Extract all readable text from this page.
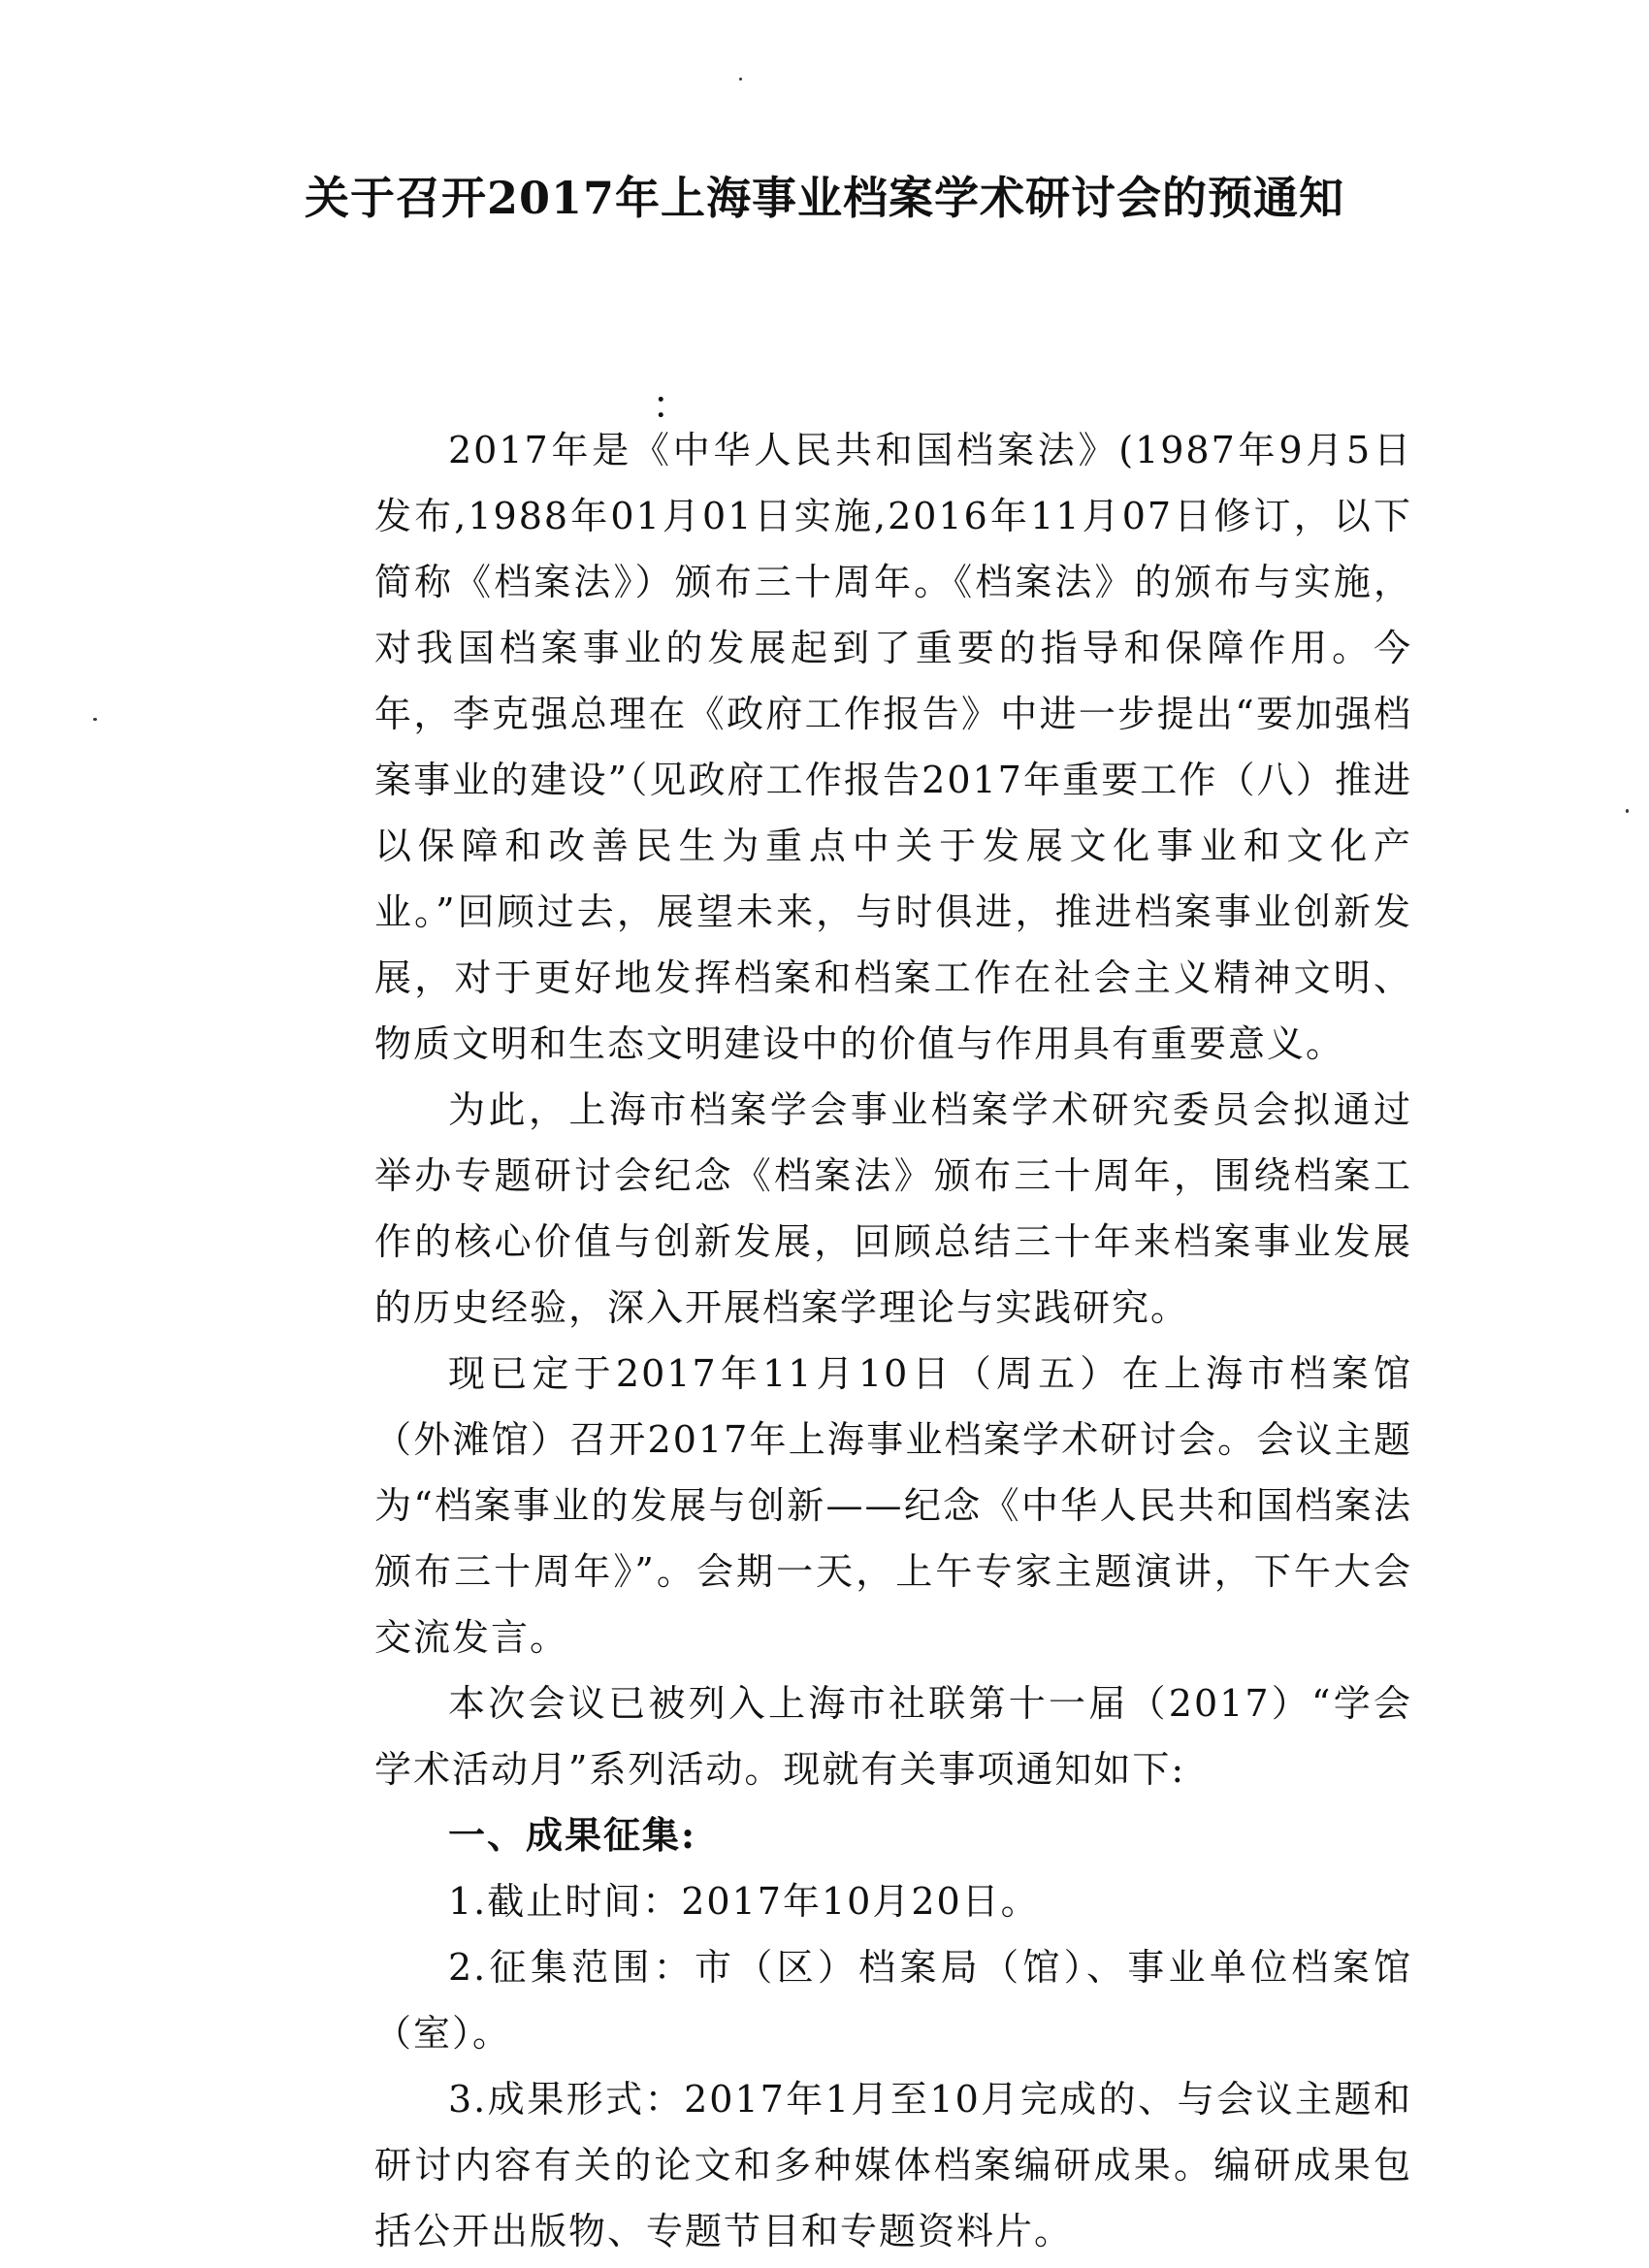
关于召开2017年上海事业档案学术研讨会的预通知
：

2017年是《中华人民共和国档案法》(1987年9月5日发布,1988年01月01日实施,2016年11月07日修订，以下简称《档案法》）颁布三十周年。《档案法》的颁布与实施，对我国档案事业的发展起到了重要的指导和保障作用。今年，李克强总理在《政府工作报告》中进一步提出“要加强档案事业的建设”（见政府工作报告2017年重要工作（八）推进以保障和改善民生为重点中关于发展文化事业和文化产业。”回顾过去，展望未来，与时俱进，推进档案事业创新发展，对于更好地发挥档案和档案工作在社会主义精神文明、物质文明和生态文明建设中的价值与作用具有重要意义。

为此，上海市档案学会事业档案学术研究委员会拟通过举办专题研讨会纪念《档案法》颁布三十周年，围绕档案工作的核心价值与创新发展，回顾总结三十年来档案事业发展的历史经验，深入开展档案学理论与实践研究。

现已定于2017年11月10日（周五）在上海市档案馆（外滩馆）召开2017年上海事业档案学术研讨会。会议主题为“档案事业的发展与创新——纪念《中华人民共和国档案法颁布三十周年》”。会期一天，上午专家主题演讲，下午大会交流发言。

本次会议已被列入上海市社联第十一届（2017）“学会学术活动月”系列活动。现就有关事项通知如下:

一、成果征集:

1.截止时间：2017年10月20日。

2.征集范围：市（区）档案局（馆）、事业单位档案馆（室）。

3.成果形式：2017年1月至10月完成的、与会议主题和研讨内容有关的论文和多种媒体档案编研成果。编研成果包括公开出版物、专题节目和专题资料片。
